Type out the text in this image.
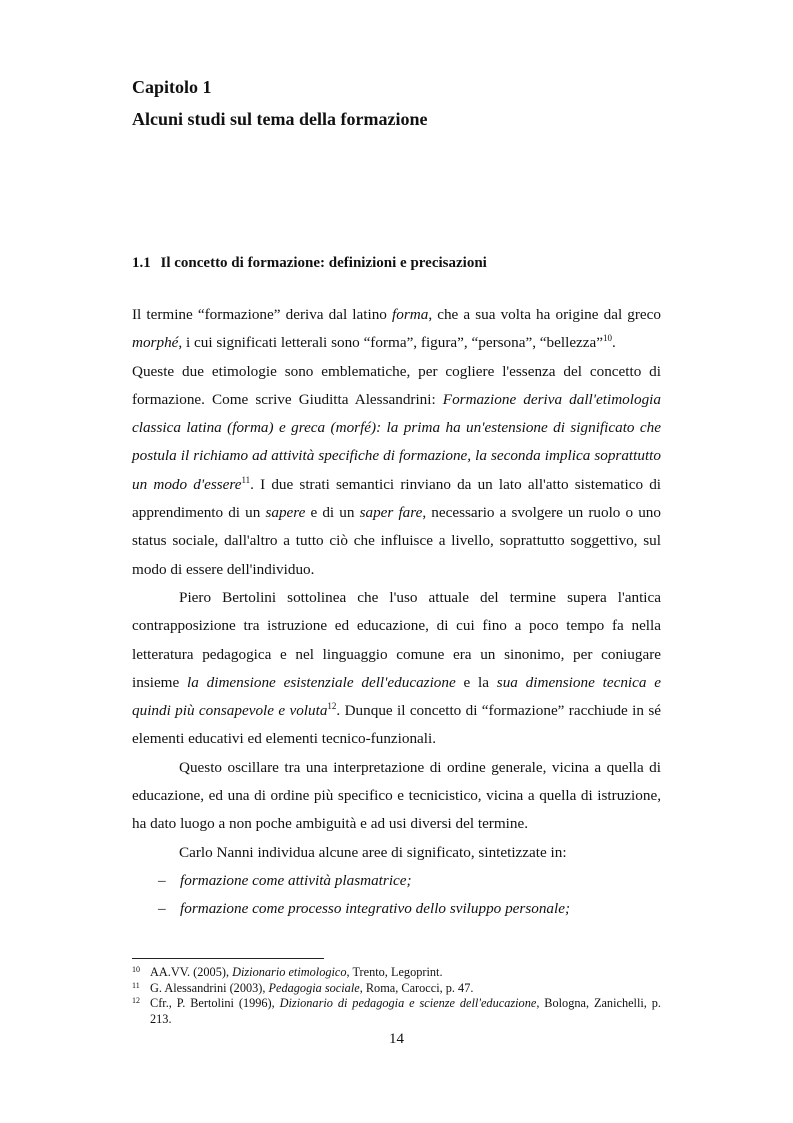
Capitolo 1
Alcuni studi sul tema della formazione
1.1 Il concetto di formazione: definizioni e precisazioni

Il termine “formazione” deriva dal latino forma, che a sua volta ha origine dal greco morphé, i cui significati letterali sono “forma”, figura”, “persona”, “bellezza”$^{10}$.

Queste due etimologie sono emblematiche, per cogliere l'essenza del concetto di formazione. Come scrive Giuditta Alessandrini: Formazione deriva dall'etimologia classica latina (forma) e greca (morfé): la prima ha un'estensione di significato che postula il richiamo ad attività specifiche di formazione, la seconda implica soprattutto un modo d'essere$^{11}$. I due strati semantici rinviano da un lato all'atto sistematico di apprendimento di un sapere e di un saper fare, necessario a svolgere un ruolo o uno status sociale, dall'altro a tutto ciò che influisce a livello, soprattutto soggettivo, sul modo di essere dell'individuo.

Piero Bertolini sottolinea che l'uso attuale del termine supera l'antica contrapposizione tra istruzione ed educazione, di cui fino a poco tempo fa nella letteratura pedagogica e nel linguaggio comune era un sinonimo, per coniugare insieme la dimensione esistenziale dell'educazione e la sua dimensione tecnica e quindi più consapevole e voluta$^{12}$. Dunque il concetto di “formazione” racchiude in sé elementi educativi ed elementi tecnico-funzionali.

Questo oscillare tra una interpretazione di ordine generale, vicina a quella di educazione, ed una di ordine più specifico e tecnicistico, vicina a quella di istruzione, ha dato luogo a non poche ambiguità e ad usi diversi del termine.

Carlo Nanni individua alcune aree di significato, sintetizzate in:

– formazione come attività plasmatrice;
– formazione come processo integrativo dello sviluppo personale;
10 AA.VV. (2005), Dizionario etimologico, Trento, Legoprint.
11 G. Alessandrini (2003), Pedagogia sociale, Roma, Carocci, p. 47.
12 Cfr., P. Bertolini (1996), Dizionario di pedagogia e scienze dell'educazione, Bologna, Zanichelli, p. 213.
14
